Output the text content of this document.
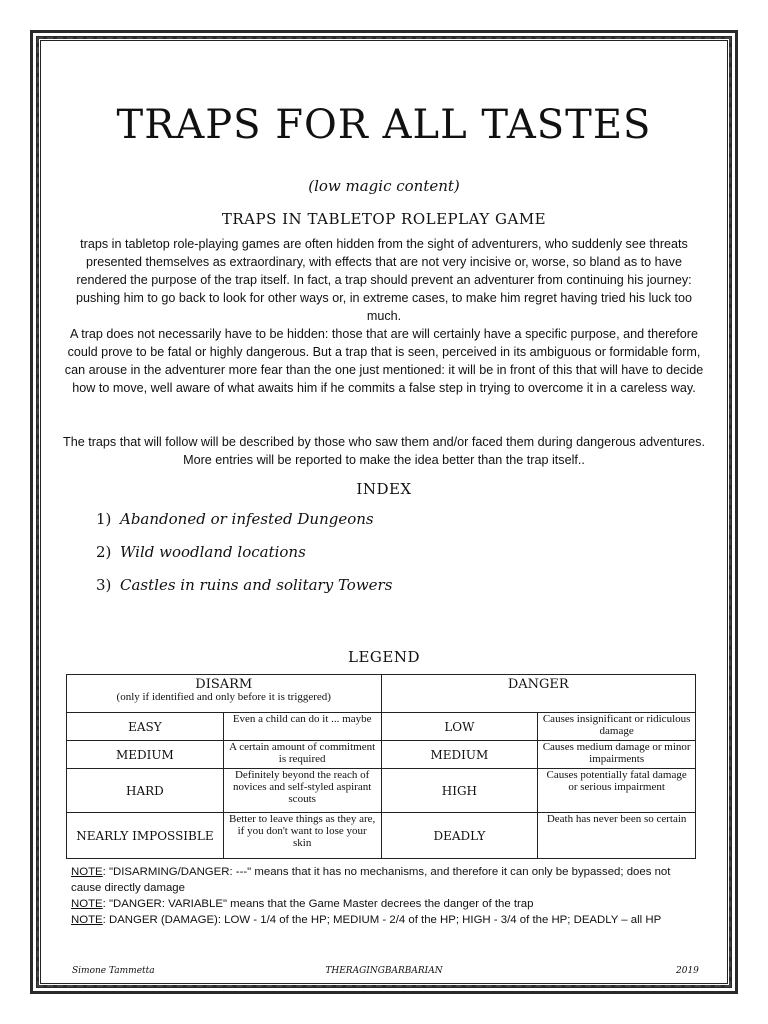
TRAPS FOR ALL TASTES
(low magic content)
TRAPS IN TABLETOP ROLEPLAY GAME

traps in tabletop role-playing games are often hidden from the sight of adventurers, who suddenly see threats presented themselves as extraordinary, with effects that are not very incisive or, worse, so bland as to have rendered the purpose of the trap itself. In fact, a trap should prevent an adventurer from continuing his journey: pushing him to go back to look for other ways or, in extreme cases, to make him regret having tried his luck too much.

A trap does not necessarily have to be hidden: those that are will certainly have a specific purpose, and therefore could prove to be fatal or highly dangerous. But a trap that is seen, perceived in its ambiguous or formidable form, can arouse in the adventurer more fear than the one just mentioned: it will be in front of this that will have to decide how to move, well aware of what awaits him if he commits a false step in trying to overcome it in a careless way.

The traps that will follow will be described by those who saw them and/or faced them during dangerous adventures. More entries will be reported to make the idea better than the trap itself..

INDEX
1) Abandoned or infested Dungeons
2) Wild woodland locations
3) Castles in ruins and solitary Towers
LEGEND
DISARM
(only if identified and only before it is triggered)		DANGER	
EASY	Even a child can do it ... maybe	LOW	Causes insignificant or ridiculous damage
MEDIUM	A certain amount of commitment is required	MEDIUM	Causes medium damage or minor impairments
HARD	Definitely beyond the reach of novices and self-styled aspirant scouts	HIGH	Causes potentially fatal damage or serious impairment
NEARLY IMPOSSIBLE	Better to leave things as they are, if you don't want to lose your skin	DEADLY	Death has never been so certain

NOTE: "DISARMING/DANGER: ---" means that it has no mechanisms, and therefore it can only be bypassed; does not cause directly damage

NOTE: "DANGER: VARIABLE" means that the Game Master decrees the danger of the trap

NOTE: DANGER (DAMAGE): LOW - 1/4 of the HP; MEDIUM - 2/4 of the HP; HIGH - 3/4 of the HP; DEADLY – all HP

Simone Tammetta	THERAGINGBARBARIAN	2019
